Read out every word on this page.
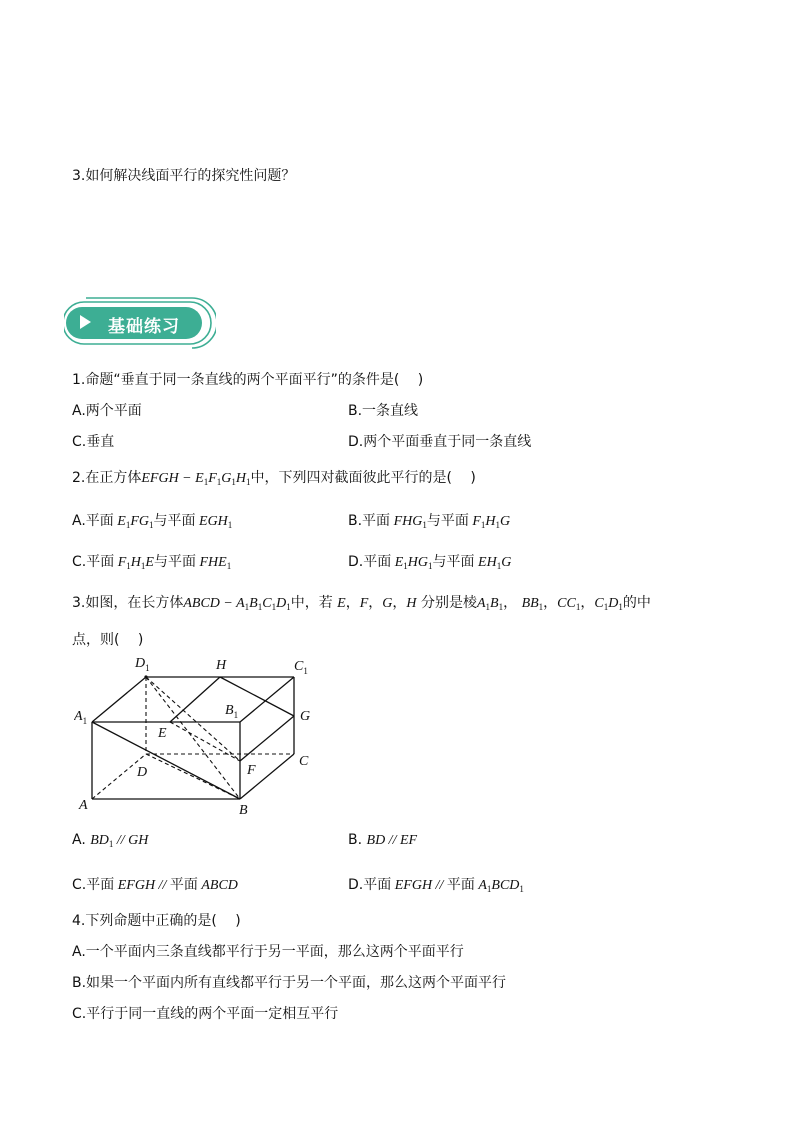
3.如何解决线面平行的探究性问题？
基础练习
1.命题“垂直于同一条直线的两个平面平行”的条件是(　 )
A.两个平面	B.一条直线
C.垂直	D.两个平面垂直于同一条直线
2.在正方体EFGH − $E_1F_1G_1H_1$中，下列四对截面彼此平行的是(　 )
A.平面 $E_1FG_1$与平面 $EGH_1$	B.平面 $FHG_1$与平面 $F_1H_1G$
C.平面 $F_1H_1E$与平面 $FHE_1$	D.平面 $E_1HG_1$与平面 $EH_1G$
3.如图，在长方体ABCD − $A_1B_1C_1D_1$中，若 E，F，G，H 分别是棱$A_1B_1$， $BB_1$，$CC_1$，$C_1D_1$的中
点，则(　 )
$D_1$	H	$C_1$
$A_1$
$B_1$	G
E
C
D	F
A	B
A. $BD_1$ // GH	B. BD // EF
C.平面 EFGH // 平面 ABCD	D.平面 EFGH // 平面 $A_1BCD_1$
4.下列命题中正确的是(　 )
A.一个平面内三条直线都平行于另一平面，那么这两个平面平行
B.如果一个平面内所有直线都平行于另一个平面，那么这两个平面平行
C.平行于同一直线的两个平面一定相互平行
